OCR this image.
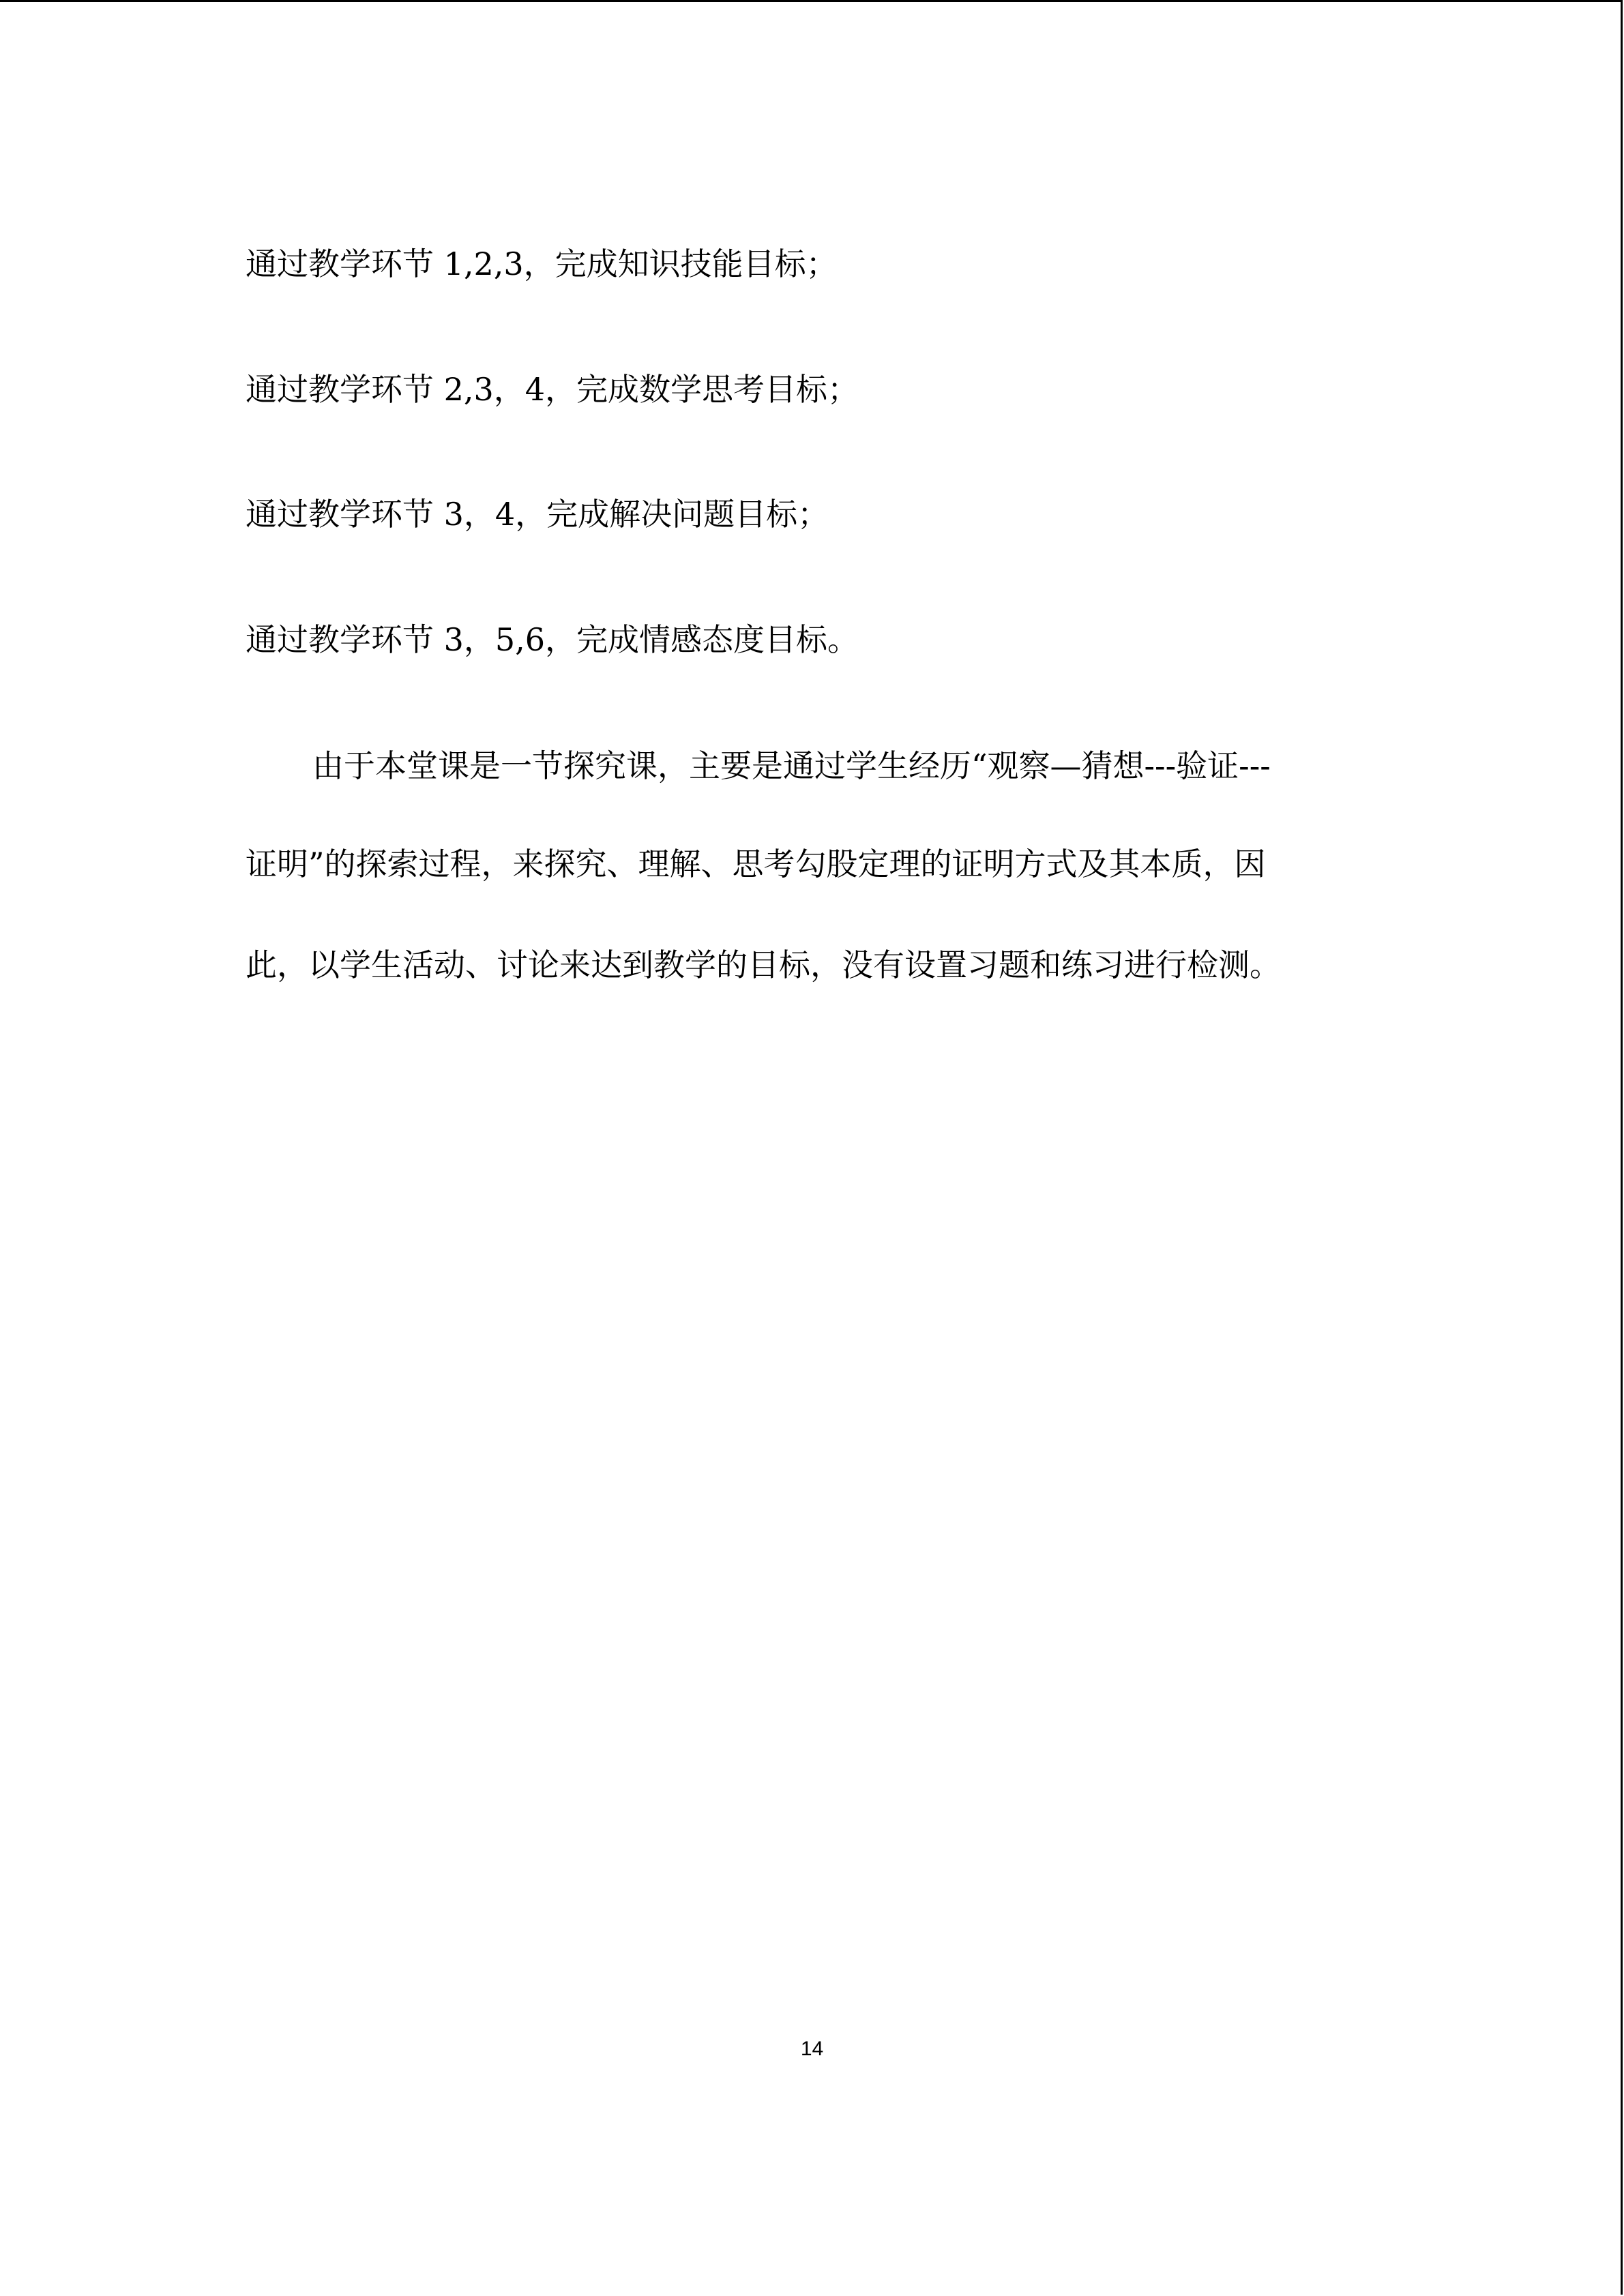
通过教学环节 1,2,3，完成知识技能目标；

通过教学环节 2,3，4，完成数学思考目标；

通过教学环节 3，4，完成解决问题目标；

通过教学环节 3，5,6，完成情感态度目标。

由于本堂课是一节探究课，主要是通过学生经历“观察—猜想---验证---

证明”的探索过程，来探究、理解、思考勾股定理的证明方式及其本质，因

此，以学生活动、讨论来达到教学的目标，没有设置习题和练习进行检测。

14
